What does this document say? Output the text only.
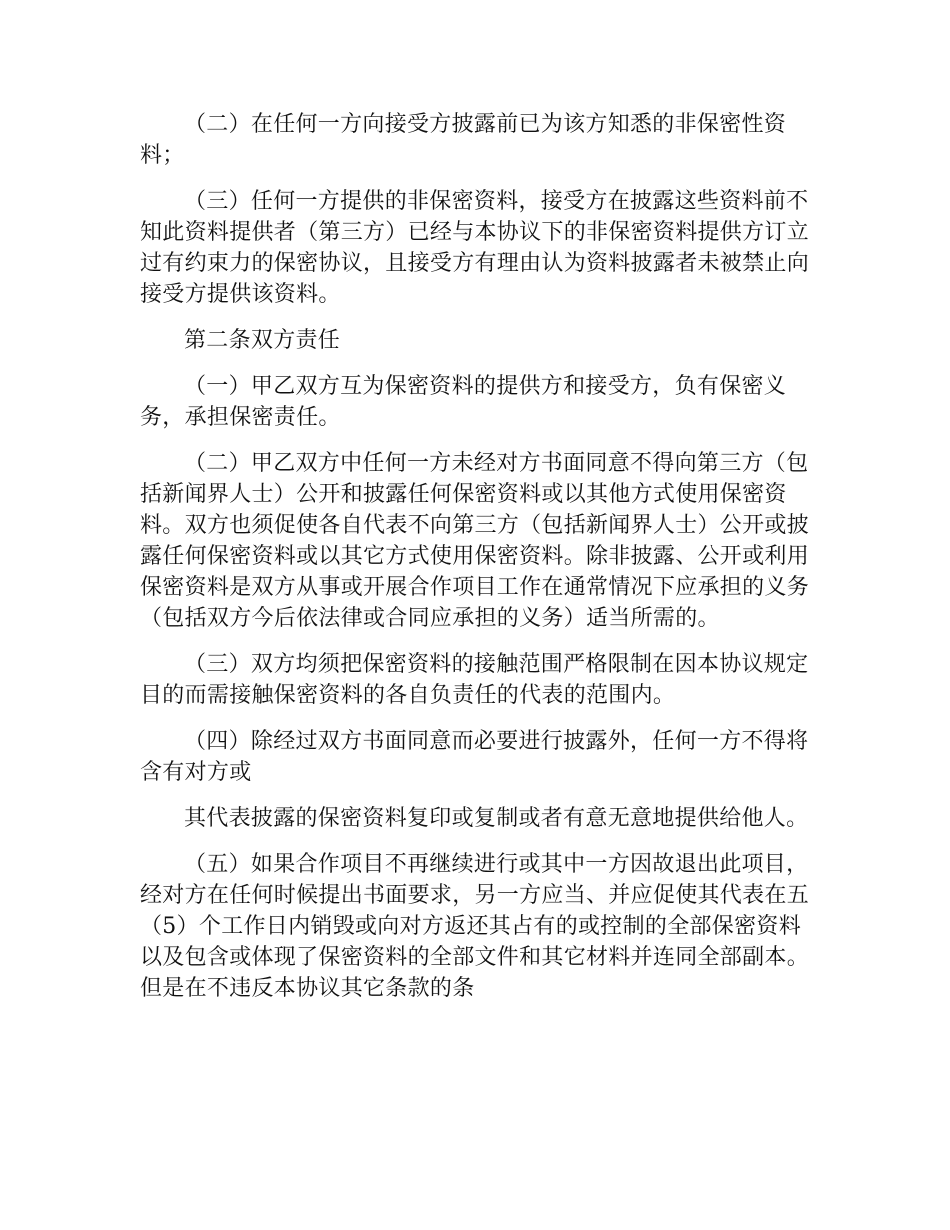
（二）在任何一方向接受方披露前已为该方知悉的非保密性资料；

（三）任何一方提供的非保密资料，接受方在披露这些资料前不知此资料提供者（第三方）已经与本协议下的非保密资料提供方订立过有约束力的保密协议，且接受方有理由认为资料披露者未被禁止向接受方提供该资料。

第二条双方责任

（一）甲乙双方互为保密资料的提供方和接受方，负有保密义务，承担保密责任。

（二）甲乙双方中任何一方未经对方书面同意不得向第三方（包括新闻界人士）公开和披露任何保密资料或以其他方式使用保密资料。双方也须促使各自代表不向第三方（包括新闻界人士）公开或披露任何保密资料或以其它方式使用保密资料。除非披露、公开或利用保密资料是双方从事或开展合作项目工作在通常情况下应承担的义务（包括双方今后依法律或合同应承担的义务）适当所需的。

（三）双方均须把保密资料的接触范围严格限制在因本协议规定目的而需接触保密资料的各自负责任的代表的范围内。

（四）除经过双方书面同意而必要进行披露外，任何一方不得将含有对方或

其代表披露的保密资料复印或复制或者有意无意地提供给他人。

（五）如果合作项目不再继续进行或其中一方因故退出此项目，经对方在任何时候提出书面要求，另一方应当、并应促使其代表在五（5）个工作日内销毁或向对方返还其占有的或控制的全部保密资料以及包含或体现了保密资料的全部文件和其它材料并连同全部副本。但是在不违反本协议其它条款的条
